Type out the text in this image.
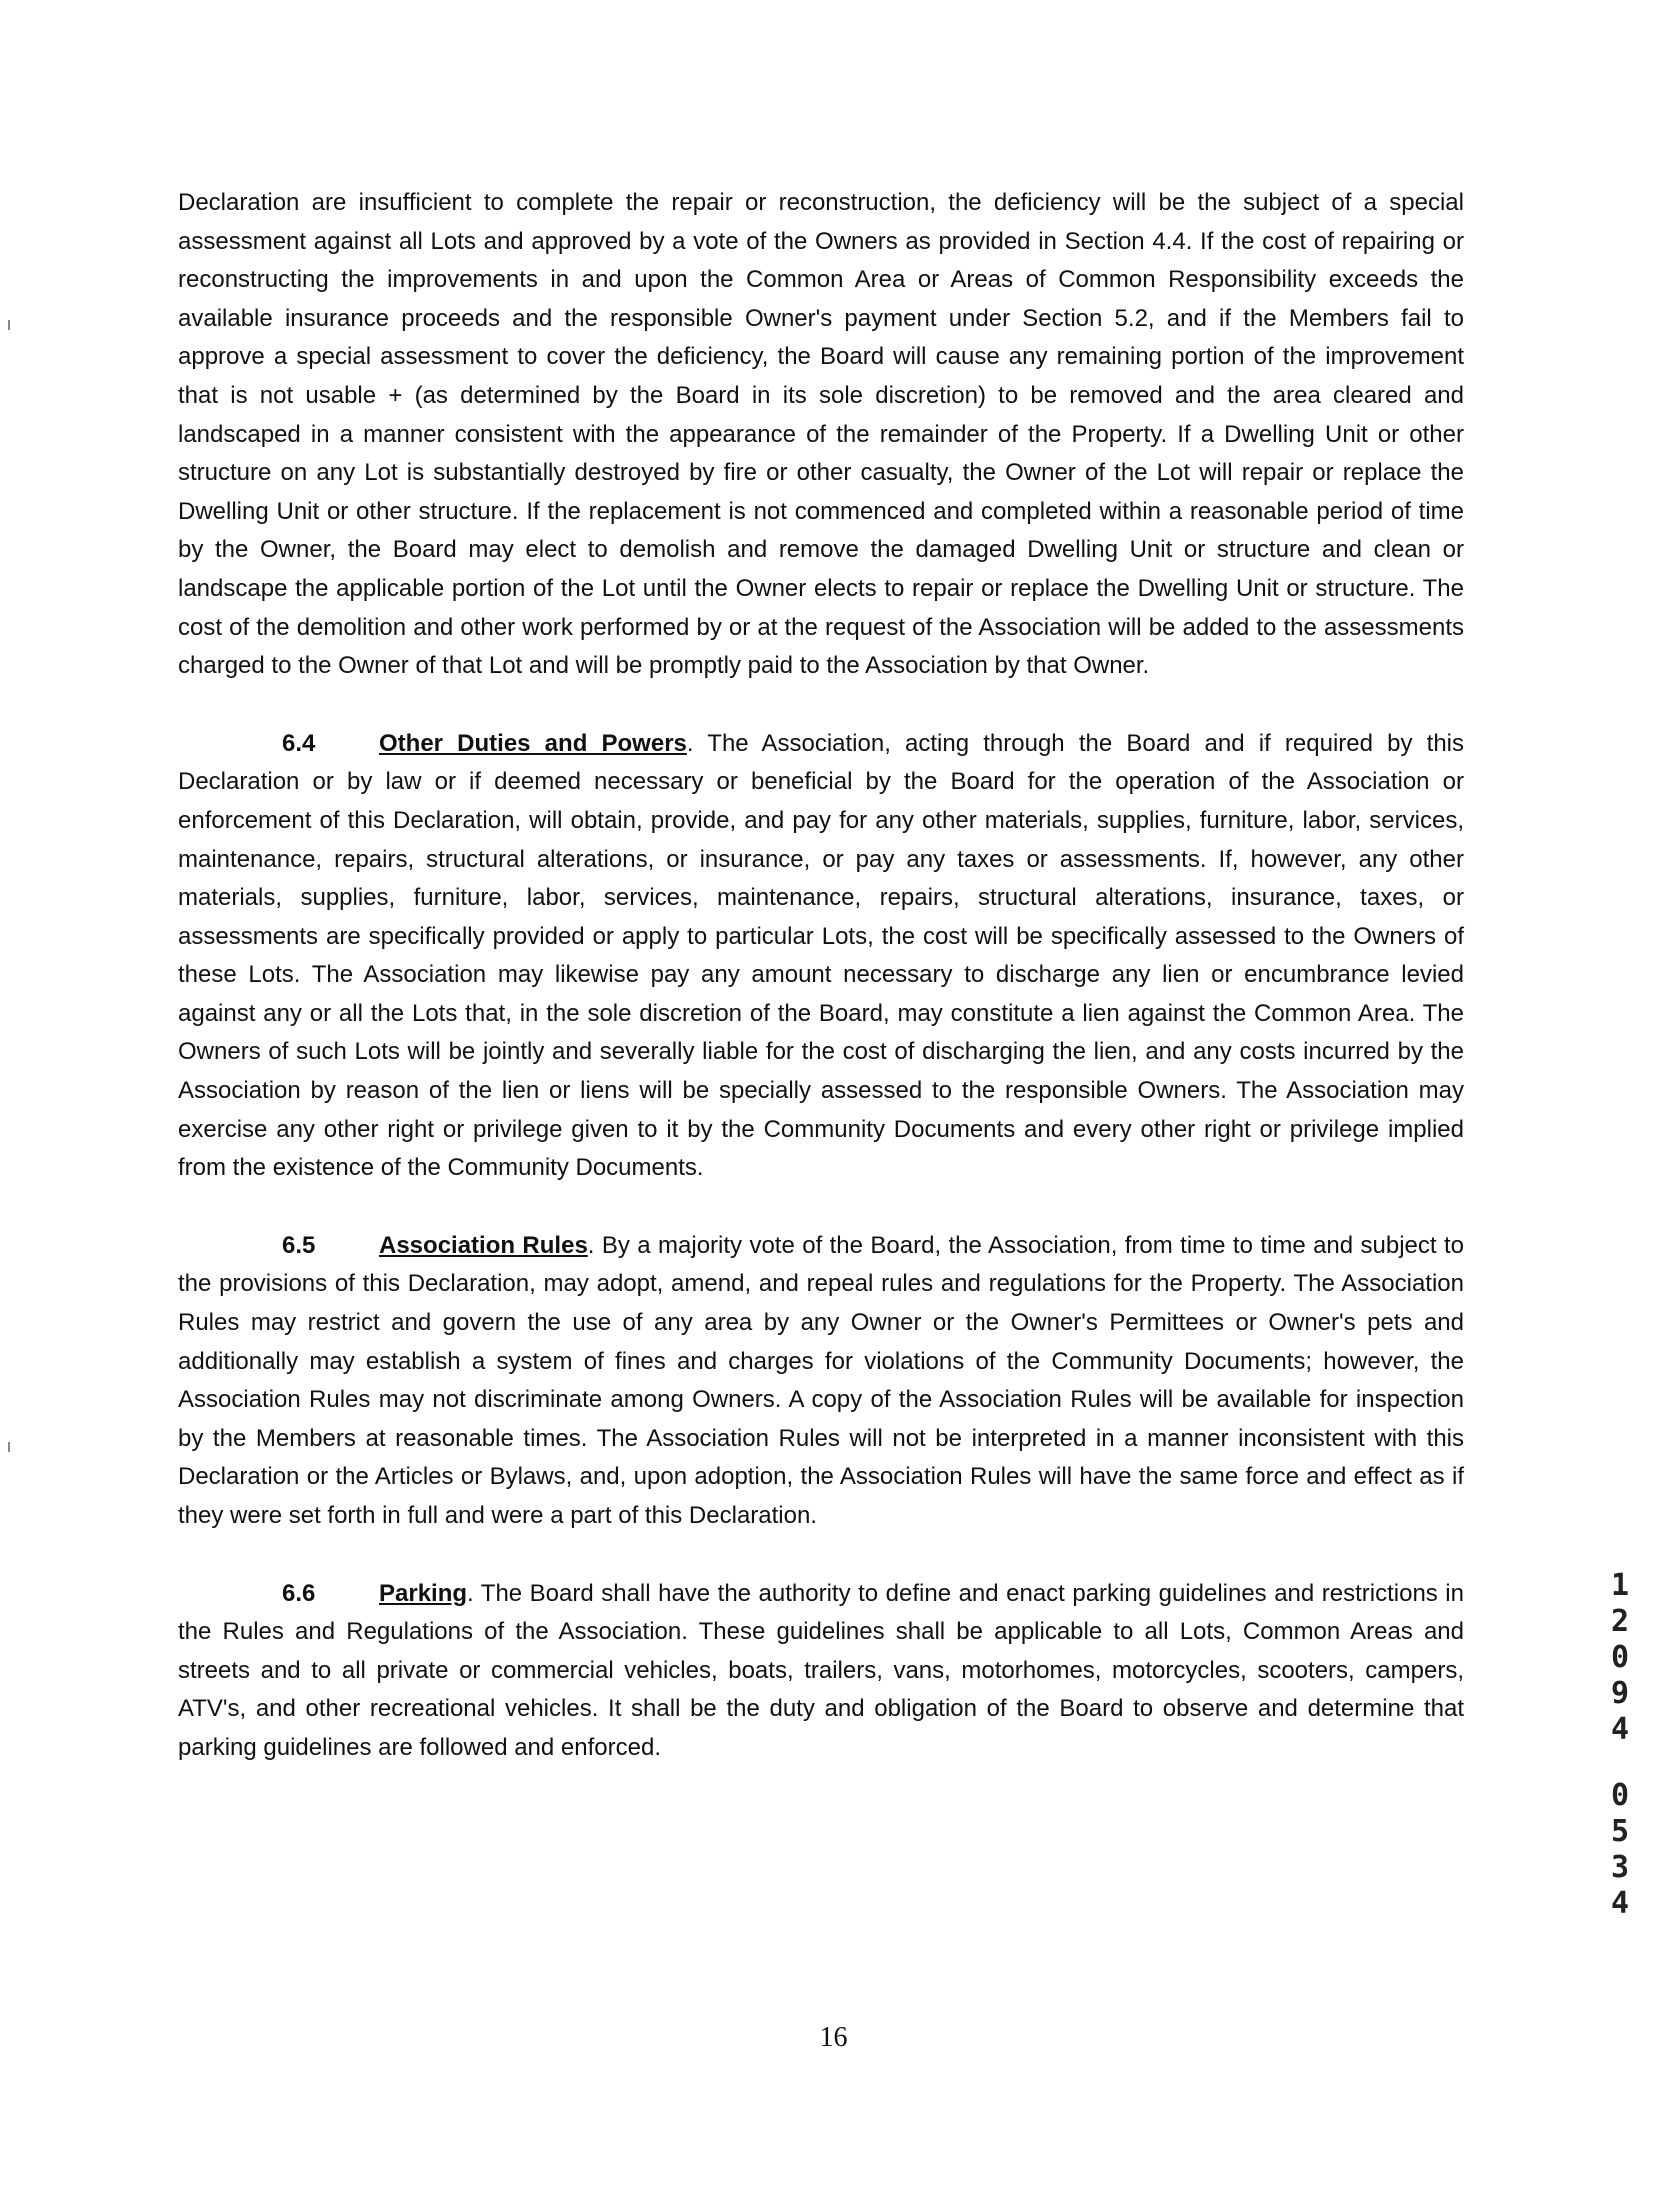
Declaration are insufficient to complete the repair or reconstruction, the deficiency will be the subject of a special assessment against all Lots and approved by a vote of the Owners as provided in Section 4.4. If the cost of repairing or reconstructing the improvements in and upon the Common Area or Areas of Common Responsibility exceeds the available insurance proceeds and the responsible Owner's payment under Section 5.2, and if the Members fail to approve a special assessment to cover the deficiency, the Board will cause any remaining portion of the improvement that is not usable + (as determined by the Board in its sole discretion) to be removed and the area cleared and landscaped in a manner consistent with the appearance of the remainder of the Property. If a Dwelling Unit or other structure on any Lot is substantially destroyed by fire or other casualty, the Owner of the Lot will repair or replace the Dwelling Unit or other structure. If the replacement is not commenced and completed within a reasonable period of time by the Owner, the Board may elect to demolish and remove the damaged Dwelling Unit or structure and clean or landscape the applicable portion of the Lot until the Owner elects to repair or replace the Dwelling Unit or structure. The cost of the demolition and other work performed by or at the request of the Association will be added to the assessments charged to the Owner of that Lot and will be promptly paid to the Association by that Owner.

6.4	Other Duties and Powers. The Association, acting through the Board and if required by this Declaration or by law or if deemed necessary or beneficial by the Board for the operation of the Association or enforcement of this Declaration, will obtain, provide, and pay for any other materials, supplies, furniture, labor, services, maintenance, repairs, structural alterations, or insurance, or pay any taxes or assessments. If, however, any other materials, supplies, furniture, labor, services, maintenance, repairs, structural alterations, insurance, taxes, or assessments are specifically provided or apply to particular Lots, the cost will be specifically assessed to the Owners of these Lots. The Association may likewise pay any amount necessary to discharge any lien or encumbrance levied against any or all the Lots that, in the sole discretion of the Board, may constitute a lien against the Common Area. The Owners of such Lots will be jointly and severally liable for the cost of discharging the lien, and any costs incurred by the Association by reason of the lien or liens will be specially assessed to the responsible Owners. The Association may exercise any other right or privilege given to it by the Community Documents and every other right or privilege implied from the existence of the Community Documents.

6.5	Association Rules. By a majority vote of the Board, the Association, from time to time and subject to the provisions of this Declaration, may adopt, amend, and repeal rules and regulations for the Property. The Association Rules may restrict and govern the use of any area by any Owner or the Owner's Permittees or Owner's pets and additionally may establish a system of fines and charges for violations of the Community Documents; however, the Association Rules may not discriminate among Owners. A copy of the Association Rules will be available for inspection by the Members at reasonable times. The Association Rules will not be interpreted in a manner inconsistent with this Declaration or the Articles or Bylaws, and, upon adoption, the Association Rules will have the same force and effect as if they were set forth in full and were a part of this Declaration.

6.6	Parking. The Board shall have the authority to define and enact parking guidelines and restrictions in the Rules and Regulations of the Association. These guidelines shall be applicable to all Lots, Common Areas and streets and to all private or commercial vehicles, boats, trailers, vans, motorhomes, motorcycles, scooters, campers, ATV's, and other recreational vehicles. It shall be the duty and obligation of the Board to observe and determine that parking guidelines are followed and enforced.

1
2
0
9
4
0
5
3
4
16
